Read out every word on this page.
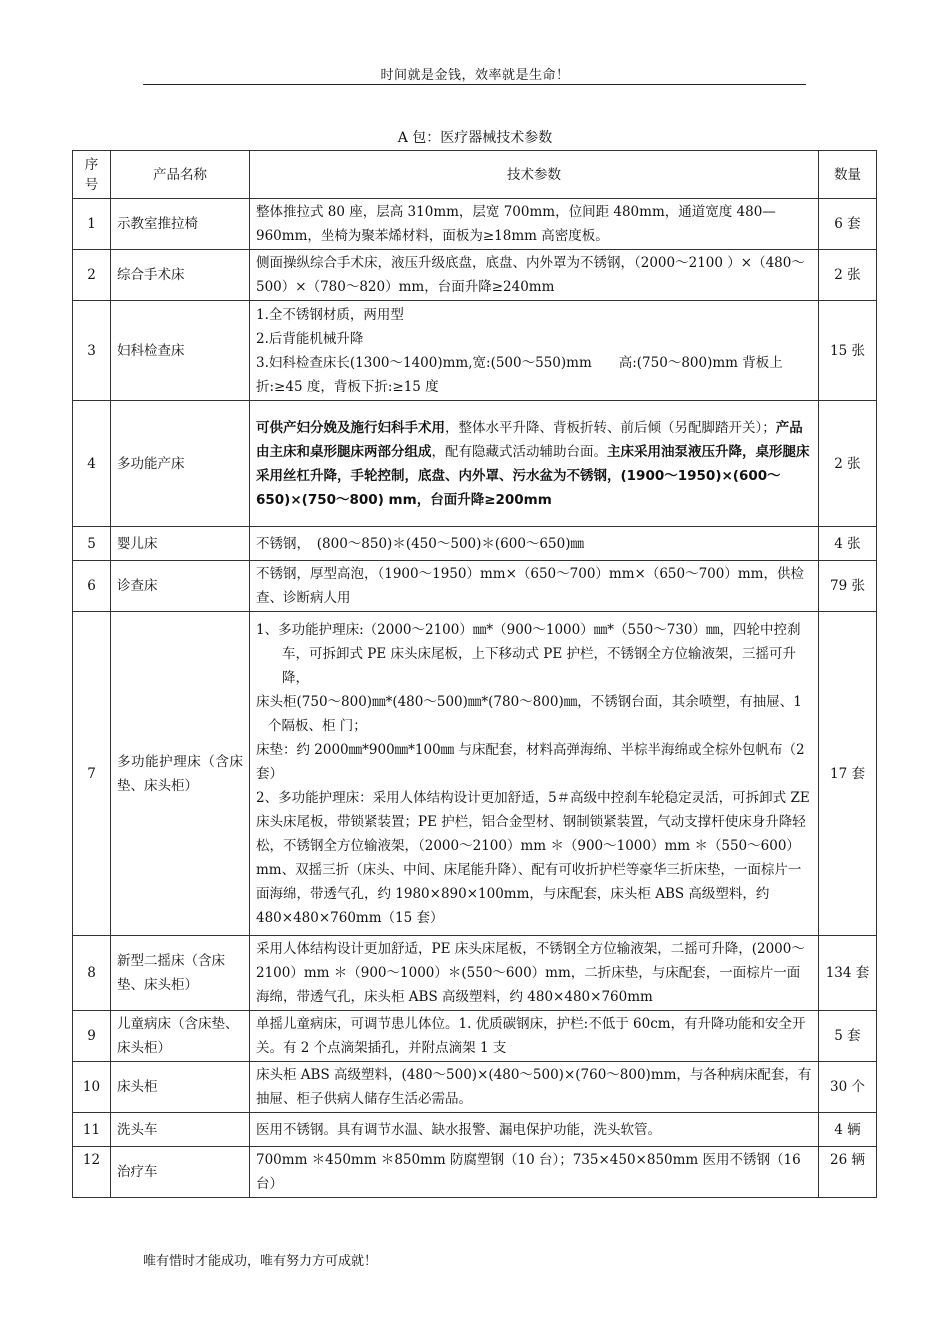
时间就是金钱，效率就是生命！
A 包：医疗器械技术参数
序号	产品名称	技术参数	数量
1	示教室推拉椅	整体推拉式 80 座，层高 310mm，层宽 700mm，位间距 480mm，通道宽度 480—960mm，坐椅为聚苯烯材料，面板为≥18mm 高密度板。	6 套
2	综合手术床	侧面操纵综合手术床，液压升级底盘，底盘、内外罩为不锈钢，（2000～2100 ）×（480～500）×（780～820）mm，台面升降≥240mm	2 张
3	妇科检查床	1.全不锈钢材质，两用型
2.后背能机械升降
3.妇科检查床长(1300～1400)mm,宽:(500～550)mm　　高:(750～800)mm 背板上折:≥45 度，背板下折:≥15 度	15 张
4	多功能产床	可供产妇分娩及施行妇科手术用，整体水平升降、背板折转、前后倾（另配脚踏开关）；产品由主床和桌形腿床两部分组成，配有隐藏式活动辅助台面。主床采用油泵液压升降，桌形腿床采用丝杠升降，手轮控制，底盘、内外罩、污水盆为不锈钢，(1900～1950)×(600～650)×(750～800) mm，台面升降≥200mm	2 张
5	婴儿床	不锈钢，　(800～850)＊(450～500)＊(600～650)㎜	4 张
6	诊查床	不锈钢，厚型高泡，（1900～1950）mm×（650～700）mm×（650～700）mm，供检查、诊断病人用	79 张
7	多功能护理床（含床垫、床头柜）	1、多功能护理床:（2000～2100）㎜*（900～1000）㎜*（550～730）㎜，四轮中控刹车，可拆卸式 PE 床头床尾板，上下移动式 PE 护栏，不锈钢全方位输液架，三摇可升降，
床头柜(750～800)㎜*(480～500)㎜*(780～800)㎜，不锈钢台面，其余喷塑，有抽屉、1 个隔板、柜 门；
床垫：约 2000㎜*900㎜*100㎜ 与床配套，材料高弹海绵、半棕半海绵或全棕外包帆布（2 套）
2、多功能护理床：采用人体结构设计更加舒适，5＃高级中控刹车轮稳定灵活，可拆卸式 ZE 床头床尾板，带锁紧装置；PE 护栏，铝合金型材、钢制锁紧装置，气动支撑杆使床身升降轻松，不锈钢全方位输液架，（2000～2100）mm ＊（900～1000）mm ＊（550～600）mm、双摇三折（床头、中间、床尾能升降）、配有可收折护栏等豪华三折床垫，一面棕片一面海绵，带透气孔，约 1980×890×100mm，与床配套，床头柜 ABS 高级塑料，约 480×480×760mm（15 套）	17 套
8	新型二摇床（含床垫、床头柜）	采用人体结构设计更加舒适，PE 床头床尾板，不锈钢全方位输液架，二摇可升降，(2000～2100）mm ＊（900～1000）＊(550～600）mm，二折床垫，与床配套，一面棕片一面海绵，带透气孔，床头柜 ABS 高级塑料，约 480×480×760mm	134 套
9	儿童病床（含床垫、床头柜）	单摇儿童病床，可调节患儿体位。1. 优质碳钢床，护栏:不低于 60cm，有升降功能和安全开关。有 2 个点滴架插孔，并附点滴架 1 支	5 套
10	床头柜	床头柜 ABS 高级塑料，(480～500)×(480～500)×(760～800)mm，与各种病床配套，有抽屉、柜子供病人储存生活必需品。	30 个
11	洗头车	医用不锈钢。具有调节水温、缺水报警、漏电保护功能，洗头软管。	4 辆
12	治疗车	700mm ＊450mm ＊850mm 防腐塑钢（10 台）；735×450×850mm 医用不锈钢（16 台）	26 辆
唯有惜时才能成功，唯有努力方可成就！
